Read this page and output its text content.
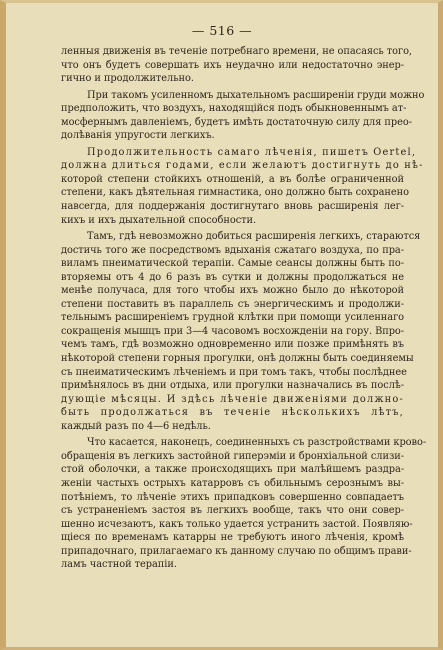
— 516 —
ленныя движенія въ теченіе потребнаго времени, не опасаясь того,
что онъ будетъ совершать ихъ неудачно или недостаточно энер-
гично и продолжительно.
При такомъ усиленномъ дыхательномъ расширеніи груди можно
предположить, что воздухъ, находящійся подъ обыкновеннымъ ат-
мосфернымъ давленіемъ, будетъ имѣть достаточную силу для прео-
долѣванія упругости легкихъ.
Продолжительность самаго лѣченія, пишетъ Oertel,
должна длиться годами, если желаютъ достигнуть до нѣ-
которой степени стойкихъ отношеній, а въ болѣе ограниченной
степени, какъ дѣятельная гимнастика, оно должно быть сохранено
навсегда, для поддержанія достигнутаго вновь расширенія лег-
кихъ и ихъ дыхательной способности.
Тамъ, гдѣ невозможно добиться расширенія легкихъ, стараются
достичь того же посредствомъ вдыханія сжатаго воздуха, по пра-
виламъ пнеиматической терапіи. Самые сеансы должны быть по-
вторяемы отъ 4 до 6 разъ въ сутки и должны продолжаться не
менѣе получаса, для того чтобы ихъ можно было до нѣкоторой
степени поставить въ параллель съ энергическимъ и продолжи-
тельнымъ расширеніемъ грудной клѣтки при помощи усиленнаго
сокращенія мышцъ при 3—4 часовомъ восхожденіи на гору. Впро-
чемъ тамъ, гдѣ возможно одновременно или позже примѣнять въ
нѣкоторой степени горныя прогулки, онѣ должны быть соединяемы
съ пнеиматическимъ лѣченіемъ и при томъ такъ, чтобы послѣднее
примѣнялось въ дни отдыха, или прогулки назначались въ послѣ-
дующіе мѣсяцы. И здѣсь лѣченіе движеніями должно-
быть продолжаться въ теченіе нѣсколькихъ лѣтъ,
каждый разъ по 4—6 недѣль.
Что касается, наконецъ, соединенныхъ съ разстройствами крово-
обращенія въ легкихъ застойной гиперэміи и бронхіальной слизи-
стой оболочки, а также происходящихъ при малѣйшемъ раздра-
женіи частыхъ острыхъ катарровъ съ обильнымъ серознымъ вы-
потѣніемъ, то лѣченіе этихъ припадковъ совершенно совпадаетъ
съ устраненіемъ застоя въ легкихъ вообще, такъ что они совер-
шенно исчезаютъ, какъ только удается устранить застой. Появляю-
щіеся по временамъ катарры не требуютъ иного лѣченія, кромѣ
припадочнаго, прилагаемаго къ данному случаю по общимъ прави-
ламъ частной терапіи.
